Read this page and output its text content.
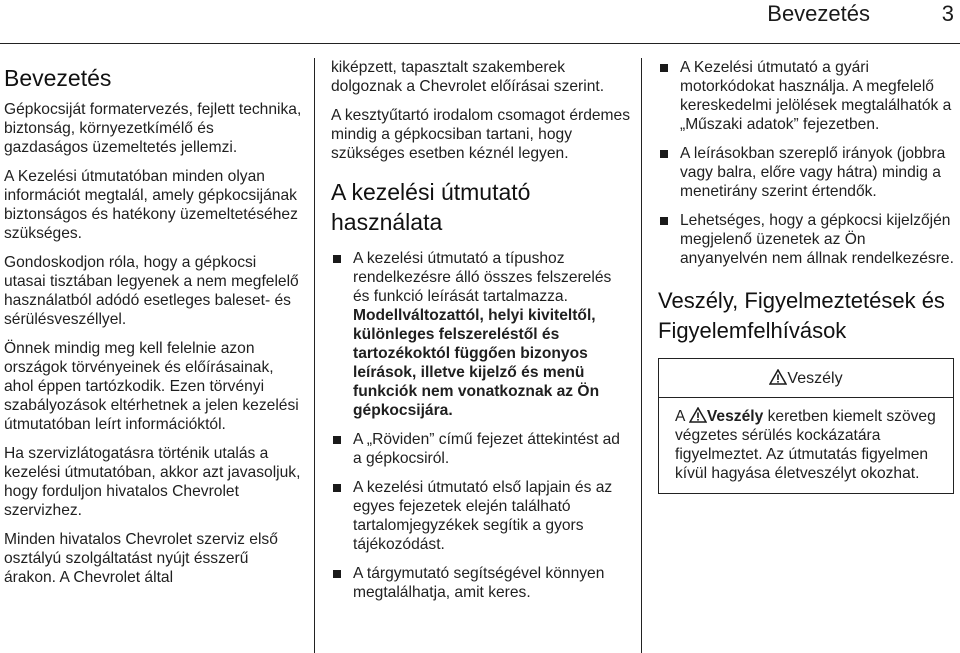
Bevezetés	3
Bevezetés

Gépkocsiját formatervezés, fejlett technika, biztonság, környezetkímélő és gazdaságos üzemeltetés jellemzi.

A Kezelési útmutatóban minden olyan információt megtalál, amely gépkocsijának biztonságos és hatékony üzemeltetéséhez szükséges.

Gondoskodjon róla, hogy a gépkocsi utasai tisztában legyenek a nem megfelelő használatból adódó esetleges baleset- és sérülésveszéllyel.

Önnek mindig meg kell felelnie azon országok törvényeinek és előírásainak, ahol éppen tartózkodik. Ezen törvényi szabályozások eltérhetnek a jelen kezelési útmutatóban leírt információktól.

Ha szervizlátogatásra történik utalás a kezelési útmutatóban, akkor azt javasoljuk, hogy forduljon hivatalos Chevrolet szervizhez.

Minden hivatalos Chevrolet szerviz első osztályú szolgáltatást nyújt ésszerű árakon. A Chevrolet által

kiképzett, tapasztalt szakemberek dolgoznak a Chevrolet előírásai szerint.

A kesztyűtartó irodalom csomagot érdemes mindig a gépkocsiban tartani, hogy szükséges esetben kéznél legyen.

A kezelési útmutató használata
A kezelési útmutató a típushoz rendelkezésre álló összes felszerelés és funkció leírását tartalmazza. Modellváltozattól, helyi kiviteltől, különleges felszereléstől és tartozékoktól függően bizonyos leírások, illetve kijelző és menü funkciók nem vonatkoznak az Ön gépkocsijára.
A „Röviden” című fejezet áttekintést ad a gépkocsiról.
A kezelési útmutató első lapjain és az egyes fejezetek elején található tartalomjegyzékek segítik a gyors tájékozódást.
A tárgymutató segítségével könnyen megtalálhatja, amit keres.
A Kezelési útmutató a gyári motorkódokat használja. A megfelelő kereskedelmi jelölések megtalálhatók a „Műszaki adatok” fejezetben.
A leírásokban szereplő irányok (jobbra vagy balra, előre vagy hátra) mindig a menetirány szerint értendők.
Lehetséges, hogy a gépkocsi kijelzőjén megjelenő üzenetek az Ön anyanyelvén nem állnak rendelkezésre.
Veszély, Figyelmeztetések és Figyelemfelhívások
Veszély
A Veszély keretben kiemelt szöveg végzetes sérülés kockázatára figyelmeztet. Az útmutatás figyelmen kívül hagyása életveszélyt okozhat.
